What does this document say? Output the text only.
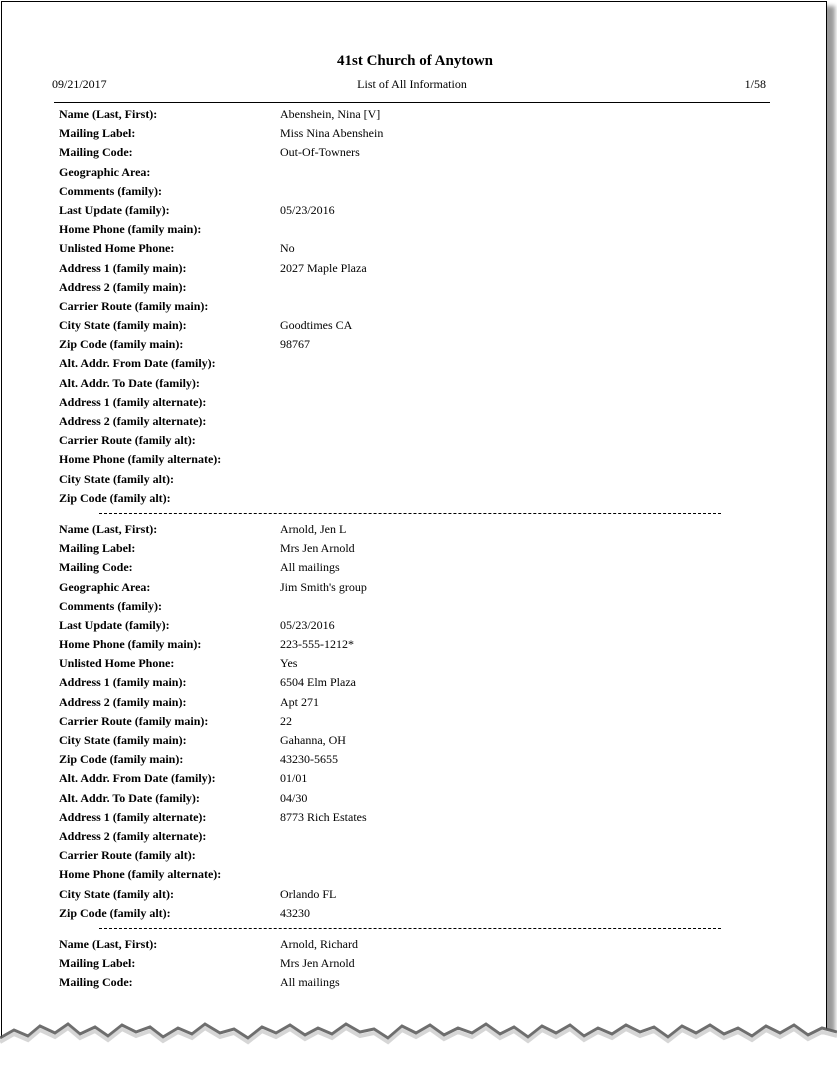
41st Church of Anytown
09/21/2017	List of All Information	1/58
Name (Last, First):	Abenshein, Nina [V]
Mailing Label:	Miss Nina Abenshein
Mailing Code:	Out-Of-Towners
Geographic Area:
Comments (family):
Last Update (family):	05/23/2016
Home Phone (family main):
Unlisted Home Phone:	No
Address 1 (family main):	2027 Maple Plaza
Address 2 (family main):
Carrier Route (family main):
City State (family main):	Goodtimes CA
Zip Code (family main):	98767
Alt. Addr. From Date (family):
Alt. Addr. To Date (family):
Address 1 (family alternate):
Address 2 (family alternate):
Carrier Route (family alt):
Home Phone (family alternate):
City State (family alt):
Zip Code (family alt):
Name (Last, First):	Arnold, Jen L
Mailing Label:	Mrs Jen Arnold
Mailing Code:	All mailings
Geographic Area:	Jim Smith's group
Comments (family):
Last Update (family):	05/23/2016
Home Phone (family main):	223-555-1212*
Unlisted Home Phone:	Yes
Address 1 (family main):	6504 Elm Plaza
Address 2 (family main):	Apt 271
Carrier Route (family main):	22
City State (family main):	Gahanna, OH
Zip Code (family main):	43230-5655
Alt. Addr. From Date (family):	01/01
Alt. Addr. To Date (family):	04/30
Address 1 (family alternate):	8773 Rich Estates
Address 2 (family alternate):
Carrier Route (family alt):
Home Phone (family alternate):
City State (family alt):	Orlando FL
Zip Code (family alt):	43230
Name (Last, First):	Arnold, Richard
Mailing Label:	Mrs Jen Arnold
Mailing Code:	All mailings
